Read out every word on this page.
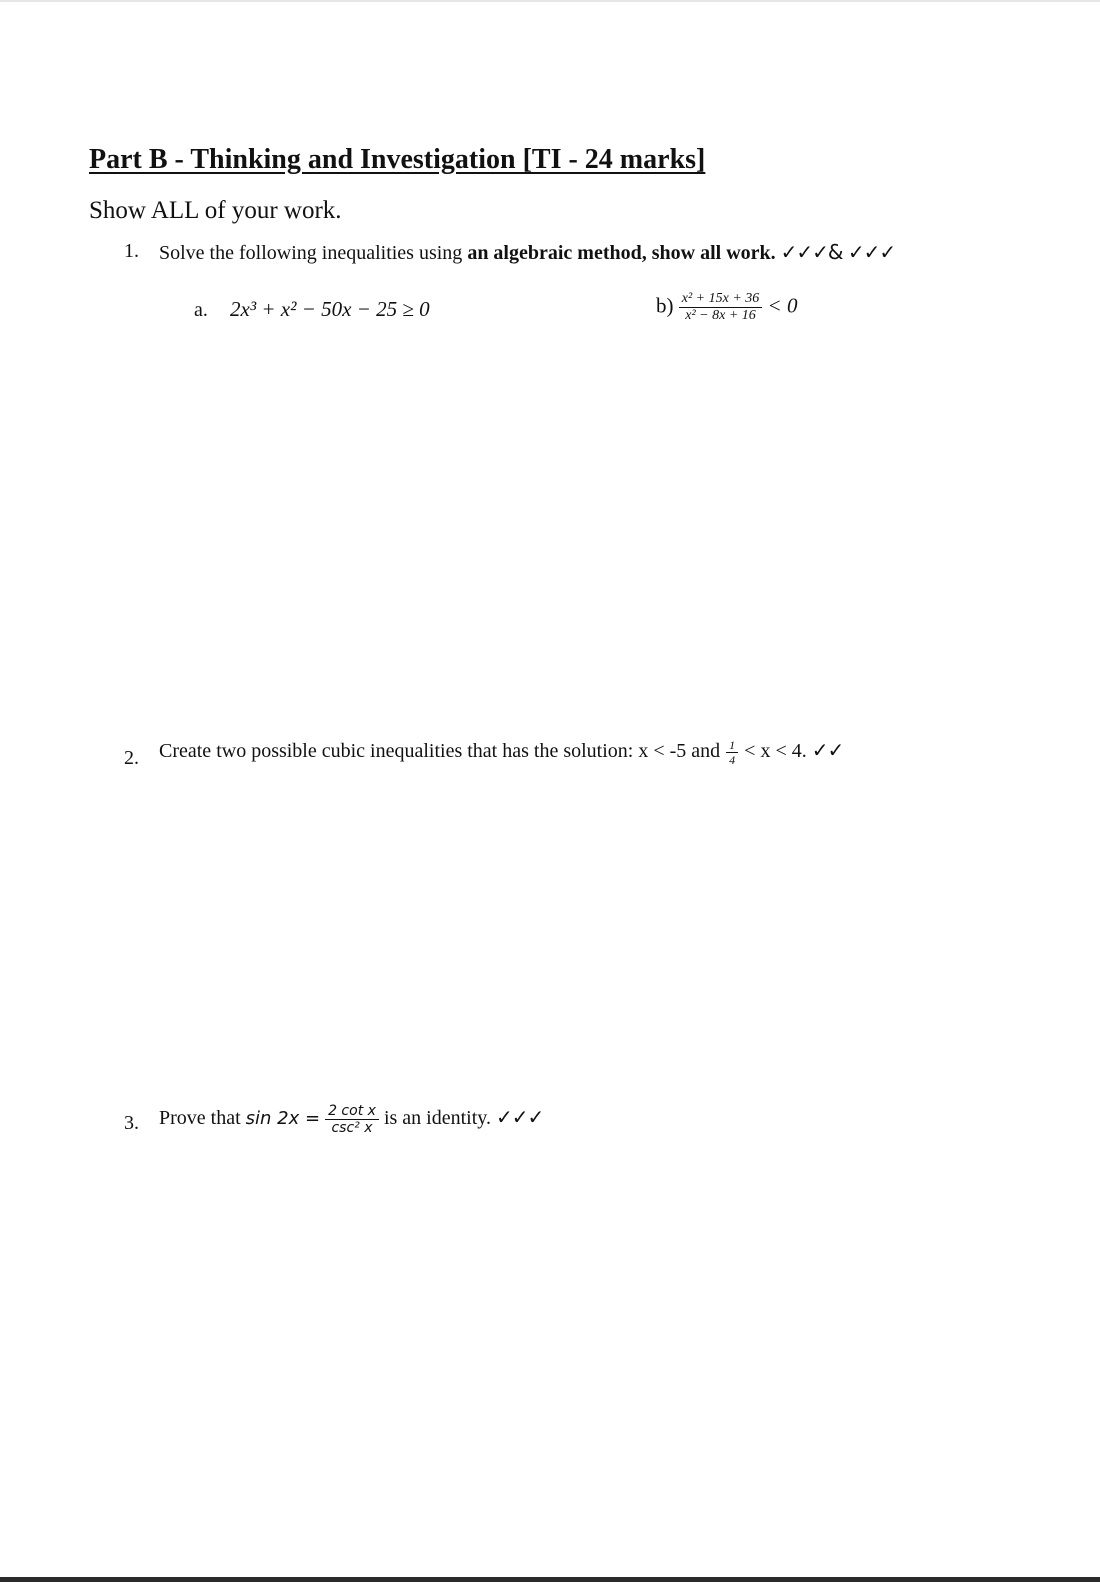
Part B - Thinking and Investigation [TI - 24 marks]
Show ALL of your work.
1. Solve the following inequalities using an algebraic method, show all work. ✓✓✓& ✓✓✓
a. 2x³ + x² − 50x − 25 ≥ 0	$b) \frac{\text{x² + 15x + 36}}{\text{x² − 8x + 16}} < 0$
2. Create two possible cubic inequalities that has the solution: x < -5 and $\frac{1}{4} < x < 4$. ✓✓
3. Prove that $\sin 2x = \frac{\text{2 cot x}}{\text{csc² x}}$ is an identity. ✓✓✓
